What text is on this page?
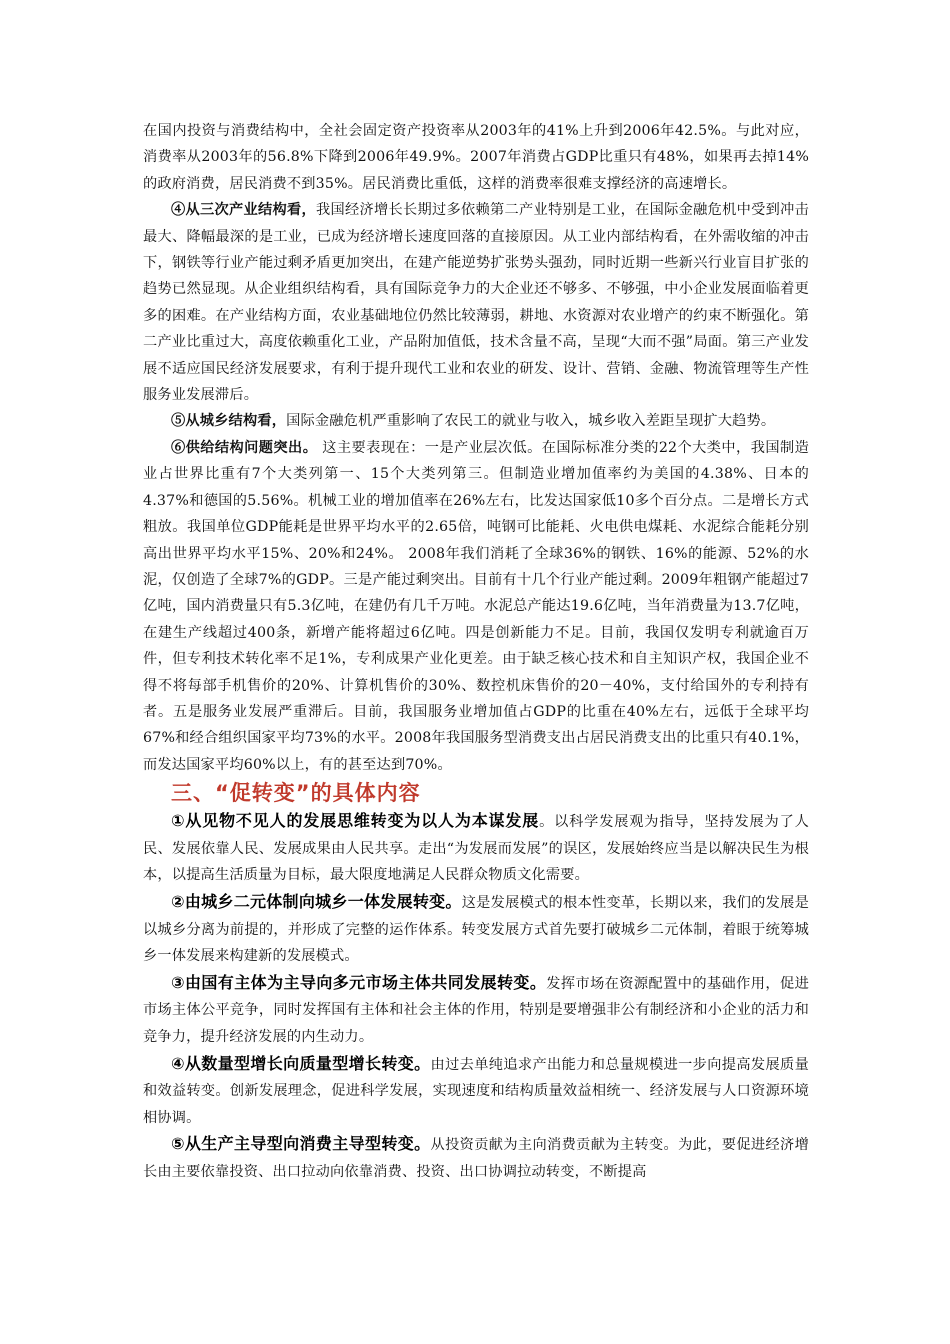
在国内投资与消费结构中，全社会固定资产投资率从2003年的41%上升到2006年42.5%。与此对应，消费率从2003年的56.8%下降到2006年49.9%。2007年消费占GDP比重只有48%，如果再去掉14%的政府消费，居民消费不到35%。居民消费比重低，这样的消费率很难支撑经济的高速增长。

④从三次产业结构看，我国经济增长长期过多依赖第二产业特别是工业，在国际金融危机中受到冲击最大、降幅最深的是工业，已成为经济增长速度回落的直接原因。从工业内部结构看，在外需收缩的冲击下，钢铁等行业产能过剩矛盾更加突出，在建产能逆势扩张势头强劲，同时近期一些新兴行业盲目扩张的趋势已然显现。从企业组织结构看，具有国际竞争力的大企业还不够多、不够强，中小企业发展面临着更多的困难。在产业结构方面，农业基础地位仍然比较薄弱，耕地、水资源对农业增产的约束不断强化。第二产业比重过大，高度依赖重化工业，产品附加值低，技术含量不高，呈现“大而不强”局面。第三产业发展不适应国民经济发展要求，有利于提升现代工业和农业的研发、设计、营销、金融、物流管理等生产性服务业发展滞后。

⑤从城乡结构看，国际金融危机严重影响了农民工的就业与收入，城乡收入差距呈现扩大趋势。

⑥供给结构问题突出。 这主要表现在：一是产业层次低。在国际标准分类的22个大类中，我国制造业占世界比重有7个大类列第一、15个大类列第三。但制造业增加值率约为美国的4.38%、日本的4.37%和德国的5.56%。机械工业的增加值率在26%左右，比发达国家低10多个百分点。二是增长方式粗放。我国单位GDP能耗是世界平均水平的2.65倍，吨钢可比能耗、火电供电煤耗、水泥综合能耗分别高出世界平均水平15%、20%和24%。 2008年我们消耗了全球36%的钢铁、16%的能源、52%的水泥，仅创造了全球7%的GDP。三是产能过剩突出。目前有十几个行业产能过剩。2009年粗钢产能超过7亿吨，国内消费量只有5.3亿吨，在建仍有几千万吨。水泥总产能达19.6亿吨，当年消费量为13.7亿吨，在建生产线超过400条，新增产能将超过6亿吨。四是创新能力不足。目前，我国仅发明专利就逾百万件，但专利技术转化率不足1%，专利成果产业化更差。由于缺乏核心技术和自主知识产权，我国企业不得不将每部手机售价的20%、计算机售价的30%、数控机床售价的20－40%，支付给国外的专利持有者。五是服务业发展严重滞后。目前，我国服务业增加值占GDP的比重在40%左右，远低于全球平均67%和经合组织国家平均73%的水平。2008年我国服务型消费支出占居民消费支出的比重只有40.1%，而发达国家平均60%以上，有的甚至达到70%。

三、“促转变”的具体内容

①从见物不见人的发展思维转变为以人为本谋发展。以科学发展观为指导，坚持发展为了人民、发展依靠人民、发展成果由人民共享。走出“为发展而发展”的误区，发展始终应当是以解决民生为根本，以提高生活质量为目标，最大限度地满足人民群众物质文化需要。

②由城乡二元体制向城乡一体发展转变。这是发展模式的根本性变革，长期以来，我们的发展是以城乡分离为前提的，并形成了完整的运作体系。转变发展方式首先要打破城乡二元体制，着眼于统筹城乡一体发展来构建新的发展模式。

③由国有主体为主导向多元市场主体共同发展转变。发挥市场在资源配置中的基础作用，促进市场主体公平竞争，同时发挥国有主体和社会主体的作用，特别是要增强非公有制经济和小企业的活力和竞争力，提升经济发展的内生动力。

④从数量型增长向质量型增长转变。由过去单纯追求产出能力和总量规模进一步向提高发展质量和效益转变。创新发展理念，促进科学发展，实现速度和结构质量效益相统一、经济发展与人口资源环境相协调。

⑤从生产主导型向消费主导型转变。从投资贡献为主向消费贡献为主转变。为此，要促进经济增长由主要依靠投资、出口拉动向依靠消费、投资、出口协调拉动转变，不断提高
